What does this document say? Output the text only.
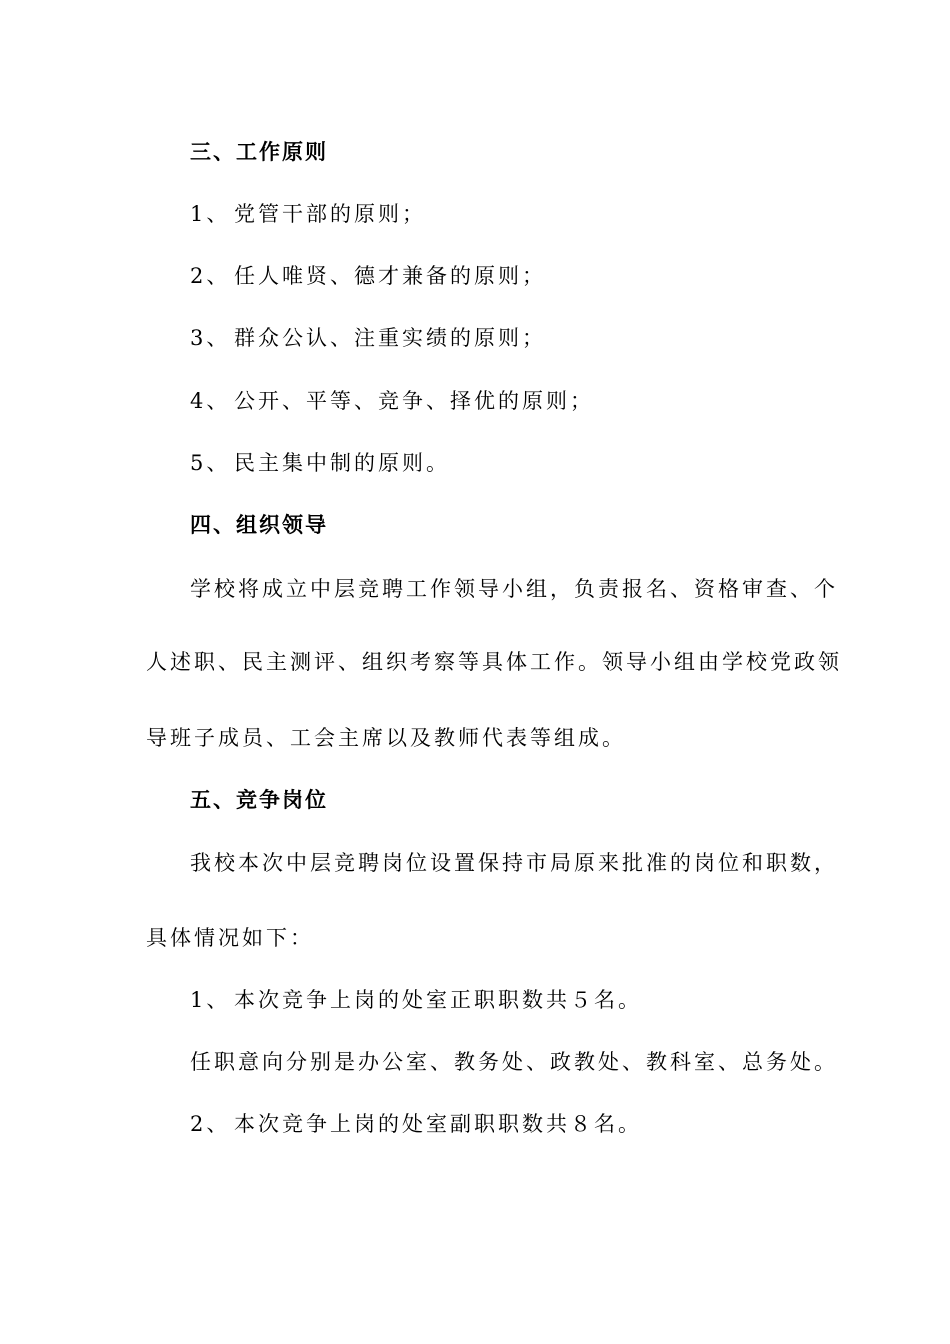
三、工作原则
1、 党管干部的原则；
2、 任人唯贤、德才兼备的原则；
3、 群众公认、注重实绩的原则；
4、 公开、平等、竞争、择优的原则；
5、 民主集中制的原则。
四、组织领导
学校将成立中层竞聘工作领导小组，负责报名、资格审查、个
人述职、民主测评、组织考察等具体工作。领导小组由学校党政领
导班子成员、工会主席以及教师代表等组成。
五、竞争岗位
我校本次中层竞聘岗位设置保持市局原来批准的岗位和职数，
具体情况如下：
1、 本次竞争上岗的处室正职职数共５名。
任职意向分别是办公室、教务处、政教处、教科室、总务处。
2、 本次竞争上岗的处室副职职数共８名。
